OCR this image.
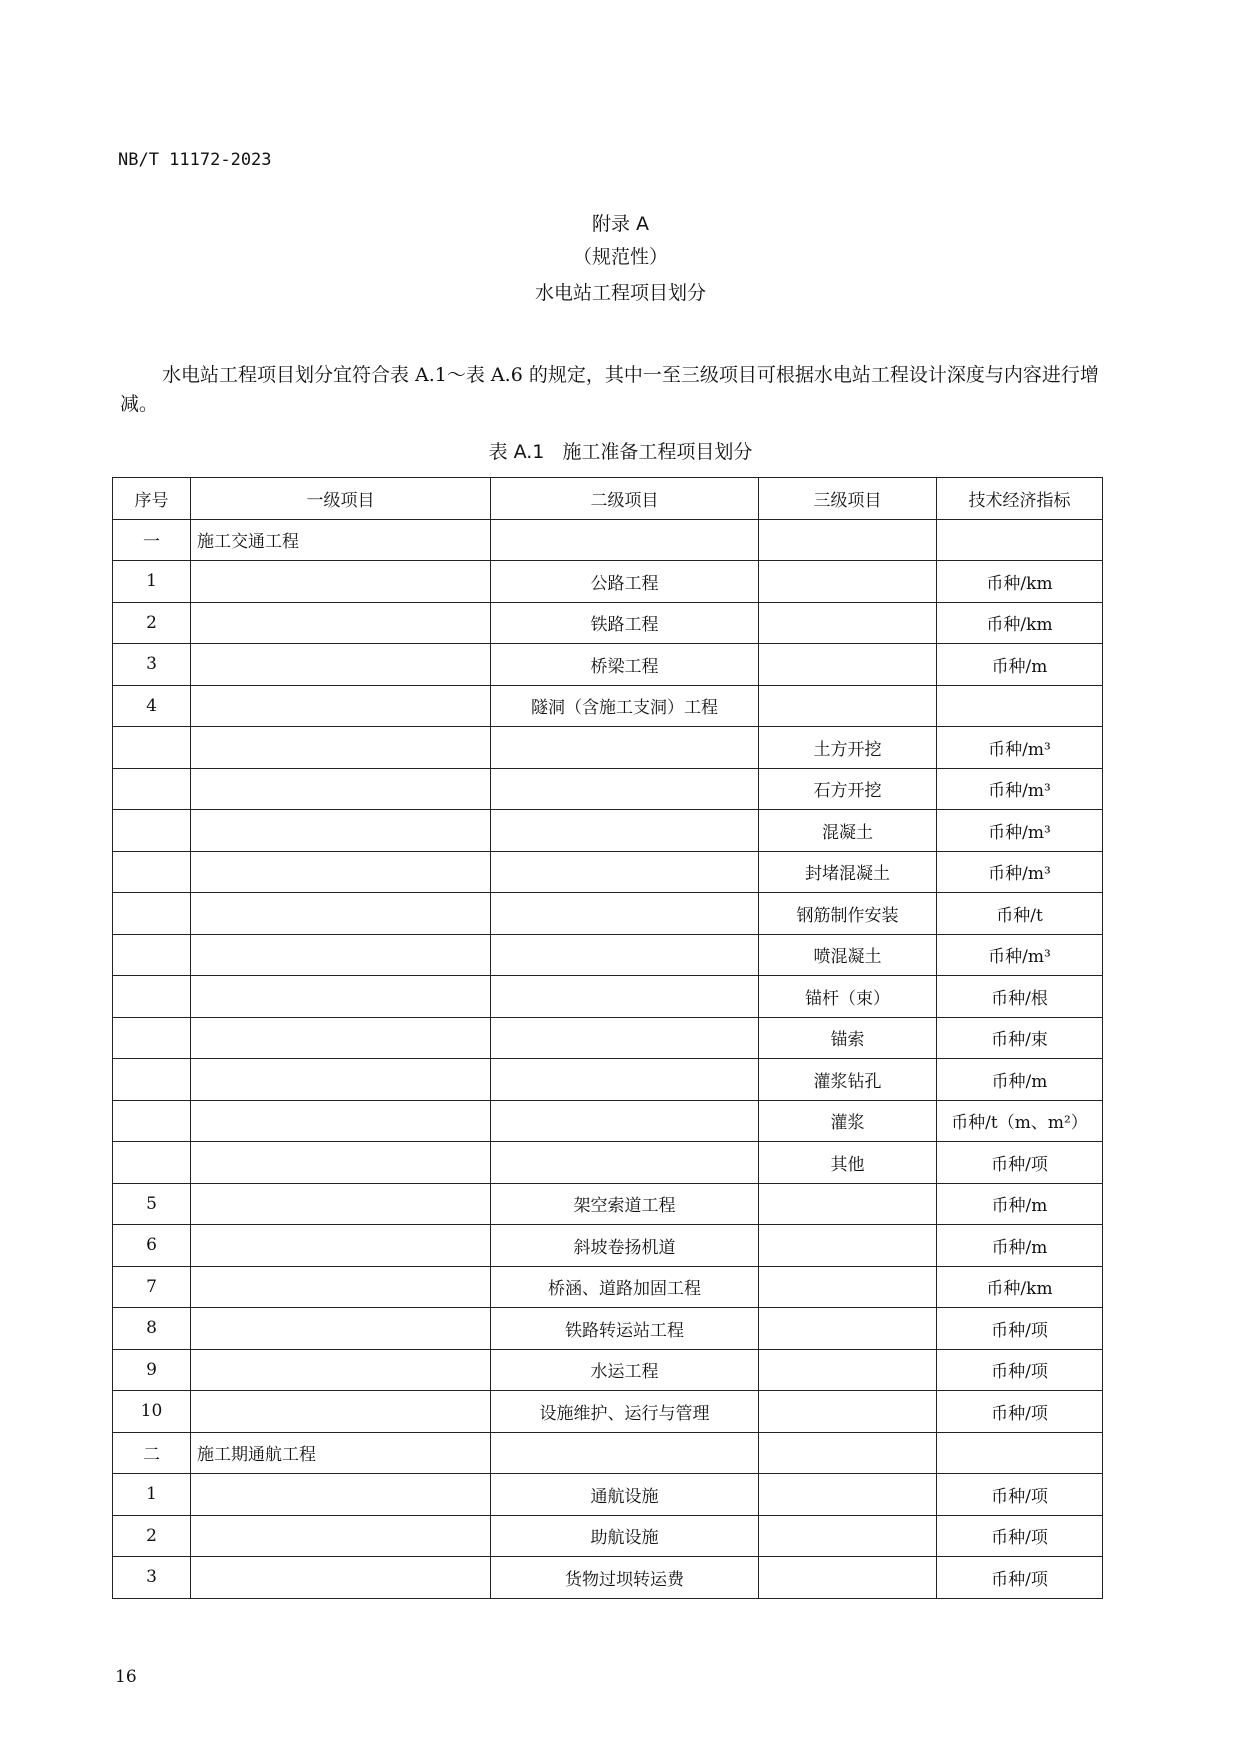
NB/T 11172-2023
附录 A
（规范性）
水电站工程项目划分

水电站工程项目划分宜符合表 A.1～表 A.6 的规定，其中一至三级项目可根据水电站工程设计深度与内容进行增减。

表 A.1 施工准备工程项目划分
序号	一级项目	二级项目	三级项目	技术经济指标
一	施工交通工程			
1		公路工程		币种/km
2		铁路工程		币种/km
3		桥梁工程		币种/m
4		隧洞（含施工支洞）工程		
			土方开挖	币种/m³
			石方开挖	币种/m³
			混凝土	币种/m³
			封堵混凝土	币种/m³
			钢筋制作安装	币种/t
			喷混凝土	币种/m³
			锚杆（束）	币种/根
			锚索	币种/束
			灌浆钻孔	币种/m
			灌浆	币种/t（m、m²）
			其他	币种/项
5		架空索道工程		币种/m
6		斜坡卷扬机道		币种/m
7		桥涵、道路加固工程		币种/km
8		铁路转运站工程		币种/项
9		水运工程		币种/项
10		设施维护、运行与管理		币种/项
二	施工期通航工程			
1		通航设施		币种/项
2		助航设施		币种/项
3		货物过坝转运费		币种/项
16
